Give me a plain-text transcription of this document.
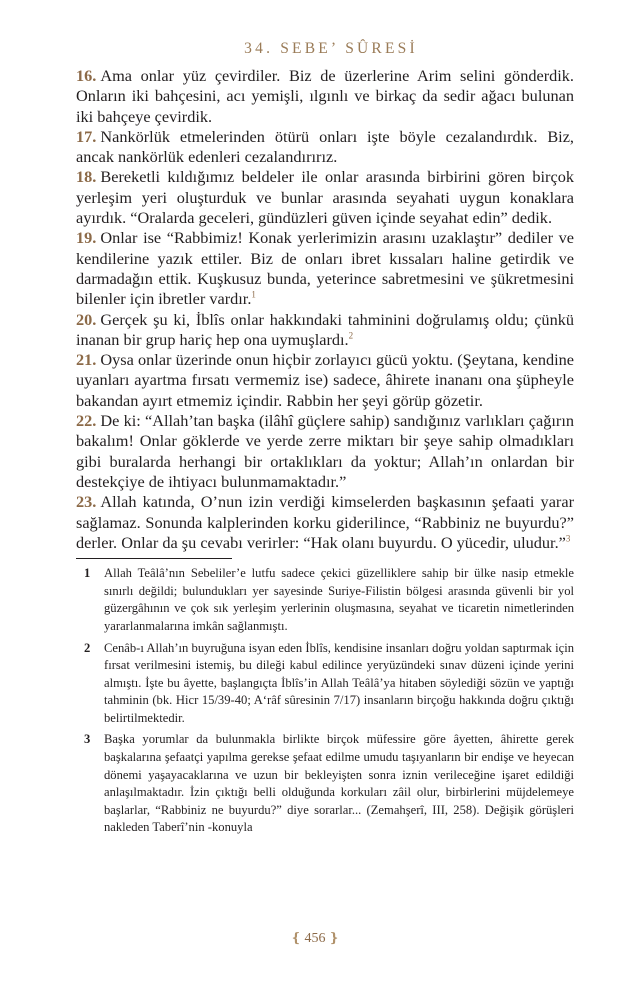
34. SEBE’ SÛRESİ

16. Ama onlar yüz çevirdiler. Biz de üzerlerine Arim selini gönderdik. Onların iki bahçesini, acı yemişli, ılgınlı ve birkaç da sedir ağacı bulunan iki bahçeye çevirdik.

17. Nankörlük etmelerinden ötürü onları işte böyle cezalandırdık. Biz, ancak nankörlük edenleri cezalandırırız.

18. Bereketli kıldığımız beldeler ile onlar arasında birbirini gören birçok yerleşim yeri oluşturduk ve bunlar arasında seyahati uygun konaklara ayırdık. “Oralarda geceleri, gündüzleri güven içinde seyahat edin” dedik.

19. Onlar ise “Rabbimiz! Konak yerlerimizin arasını uzaklaştır” dediler ve kendilerine yazık ettiler. Biz de onları ibret kıssaları haline getirdik ve darmadağın ettik. Kuşkusuz bunda, yeterince sabretmesini ve şükretmesini bilenler için ibretler vardır.$^1$

20. Gerçek şu ki, İblîs onlar hakkındaki tahminini doğrulamış oldu; çünkü inanan bir grup hariç hep ona uymuşlardı.$^2$

21. Oysa onlar üzerinde onun hiçbir zorlayıcı gücü yoktu. (Şeytana, kendine uyanları ayartma fırsatı vermemiz ise) sadece, âhirete inananı ona şüpheyle bakandan ayırt etmemiz içindir. Rabbin her şeyi görüp gözetir.

22. De ki: “Allah’tan başka (ilâhî güçlere sahip) sandığınız varlıkları çağırın bakalım! Onlar göklerde ve yerde zerre miktarı bir şeye sahip olmadıkları gibi buralarda herhangi bir ortaklıkları da yoktur; Allah’ın onlardan bir destekçiye de ihtiyacı bulunmamaktadır.”

23. Allah katında, O’nun izin verdiği kimselerden başkasının şefaati yarar sağlamaz. Sonunda kalplerinden korku giderilince, “Rabbiniz ne buyurdu?” derler. Onlar da şu cevabı verirler: “Hak olanı buyurdu. O yücedir, uludur.”$^3$

1	Allah Teâlâ’nın Sebeliler’e lutfu sadece çekici güzelliklere sahip bir ülke nasip etmekle sınırlı değildi; bulundukları yer sayesinde Suriye-Filistin bölgesi arasında güvenli bir yol güzergâhının ve çok sık yerleşim yerlerinin oluşmasına, seyahat ve ticaretin nimetlerinden yararlanmalarına imkân sağlanmıştı.
2	Cenâb-ı Allah’ın buyruğuna isyan eden İblîs, kendisine insanları doğru yoldan saptırmak için fırsat verilmesini istemiş, bu dileği kabul edilince yeryüzündeki sınav düzeni içinde yerini almıştı. İşte bu âyette, başlangıçta İblîs’in Allah Teâlâ’ya hitaben söylediği sözün ve yaptığı tahminin (bk. Hicr 15/39-40; A‘râf sûresinin 7/17) insanların birçoğu hakkında doğru çıktığı belirtilmektedir.
3	Başka yorumlar da bulunmakla birlikte birçok müfessire göre âyetten, âhirette gerek başkalarına şefaatçi yapılma gerekse şefaat edilme umudu taşıyanların bir endişe ve heyecan dönemi yaşayacaklarına ve uzun bir bekleyişten sonra iznin verileceğine işaret edildiği anlaşılmaktadır. İzin çıktığı belli olduğunda korkuları zâil olur, birbirlerini müjdelemeye başlarlar, “Rabbiniz ne buyurdu?” diye sorarlar... (Zemahşerî, III, 258). Değişik görüşleri nakleden Taberî’nin -konuyla
❴ 456 ❵
